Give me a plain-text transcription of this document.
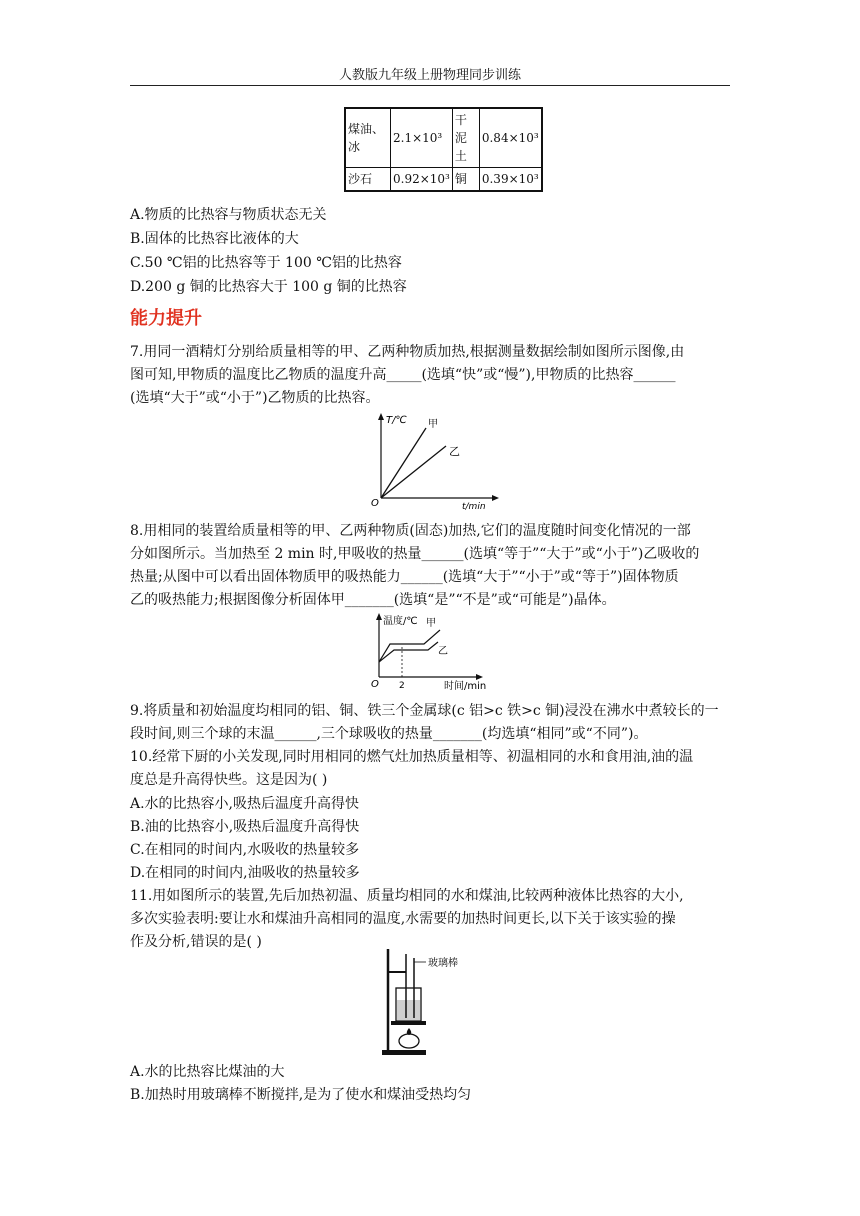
人教版九年级上册物理同步训练
煤油、冰	2.1×10³	干泥土	0.84×10³
沙石	0.92×10³	铜	0.39×10³
A.物质的比热容与物质状态无关
B.固体的比热容比液体的大
C.50 ℃铝的比热容等于 100 ℃铝的比热容
D.200 g 铜的比热容大于 100 g 铜的比热容
能力提升
7.用同一酒精灯分别给质量相等的甲、乙两种物质加热,根据测量数据绘制如图所示图像,由
图可知,甲物质的温度比乙物质的温度升高_____(选填“快”或“慢”),甲物质的比热容______
(选填“大于”或“小于”)乙物质的比热容。
T/℃ 甲
乙
O	t/min
8.用相同的装置给质量相等的甲、乙两种物质(固态)加热,它们的温度随时间变化情况的一部
分如图所示。当加热至 2 min 时,甲吸收的热量______(选填“等于”“大于”或“小于”)乙吸收的
热量;从图中可以看出固体物质甲的吸热能力______(选填“大于”“小于”或“等于”)固体物质
乙的吸热能力;根据图像分析固体甲_______(选填“是”“不是”或“可能是”)晶体。
温度/℃ 甲
乙
O 2	时间/min
9.将质量和初始温度均相同的铝、铜、铁三个金属球(c 铝>c 铁>c 铜)浸没在沸水中煮较长的一
段时间,则三个球的末温______,三个球吸收的热量_______(均选填“相同”或“不同”)。
10.经常下厨的小关发现,同时用相同的燃气灶加热质量相等、初温相同的水和食用油,油的温
度总是升高得快些。这是因为( )
A.水的比热容小,吸热后温度升高得快
B.油的比热容小,吸热后温度升高得快
C.在相同的时间内,水吸收的热量较多
D.在相同的时间内,油吸收的热量较多
11.用如图所示的装置,先后加热初温、质量均相同的水和煤油,比较两种液体比热容的大小,
多次实验表明:要让水和煤油升高相同的温度,水需要的加热时间更长,以下关于该实验的操
作及分析,错误的是( )
玻璃棒
A.水的比热容比煤油的大
B.加热时用玻璃棒不断搅拌,是为了使水和煤油受热均匀
